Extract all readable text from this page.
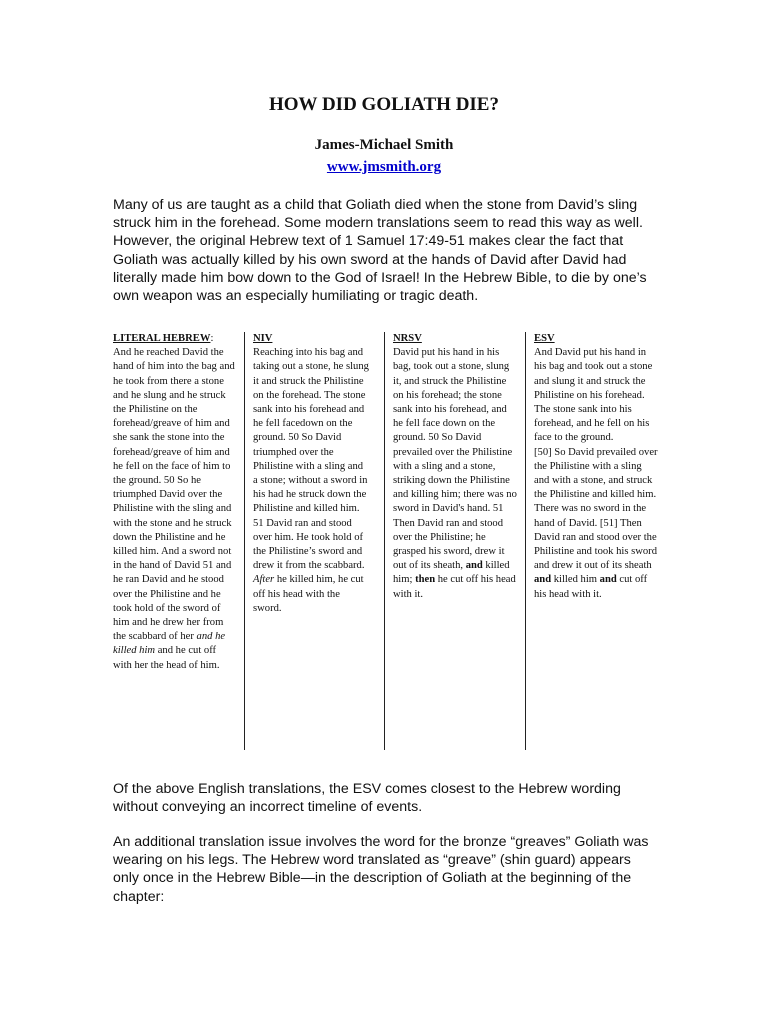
HOW DID GOLIATH DIE?
James-Michael Smith
www.jmsmith.org

Many of us are taught as a child that Goliath died when the stone from David’s sling struck him in the forehead. Some modern translations seem to read this way as well. However, the original Hebrew text of 1 Samuel 17:49-51 makes clear the fact that Goliath was actually killed by his own sword at the hands of David after David had literally made him bow down to the God of Israel! In the Hebrew Bible, to die by one’s own weapon was an especially humiliating or tragic death.

LITERAL HEBREW:

And he reached David the hand of him into the bag and he took from there a stone and he slung and he struck the Philistine on the forehead/greave of him and she sank the stone into the forehead/greave of him and he fell on the face of him to the ground. 50 So he triumphed David over the Philistine with the sling and with the stone and he struck down the Philistine and he killed him. And a sword not in the hand of David 51 and he ran David and he stood over the Philistine and he took hold of the sword of him and he drew her from the scabbard of her and he killed him and he cut off with her the head of him.

NIV

Reaching into his bag and taking out a stone, he slung it and struck the Philistine on the forehead. The stone sank into his forehead and he fell facedown on the ground. 50 So David triumphed over the Philistine with a sling and a stone; without a sword in his had he struck down the Philistine and killed him. 51 David ran and stood over him. He took hold of the Philistine’s sword and drew it from the scabbard. After he killed him, he cut off his head with the sword.

NRSV

David put his hand in his bag, took out a stone, slung it, and struck the Philistine on his forehead; the stone sank into his forehead, and he fell face down on the ground. 50 So David prevailed over the Philistine with a sling and a stone, striking down the Philistine and killing him; there was no sword in David's hand. 51 Then David ran and stood over the Philistine; he grasped his sword, drew it out of its sheath, and killed him; then he cut off his head with it.

ESV

And David put his hand in his bag and took out a stone and slung it and struck the Philistine on his forehead. The stone sank into his forehead, and he fell on his face to the ground.
[50] So David prevailed over the Philistine with a sling and with a stone, and struck the Philistine and killed him. There was no sword in the hand of David. [51] Then David ran and stood over the Philistine and took his sword and drew it out of its sheath and killed him and cut off his head with it.

Of the above English translations, the ESV comes closest to the Hebrew wording without conveying an incorrect timeline of events.

An additional translation issue involves the word for the bronze “greaves” Goliath was wearing on his legs. The Hebrew word translated as “greave” (shin guard) appears only once in the Hebrew Bible—in the description of Goliath at the beginning of the chapter:
